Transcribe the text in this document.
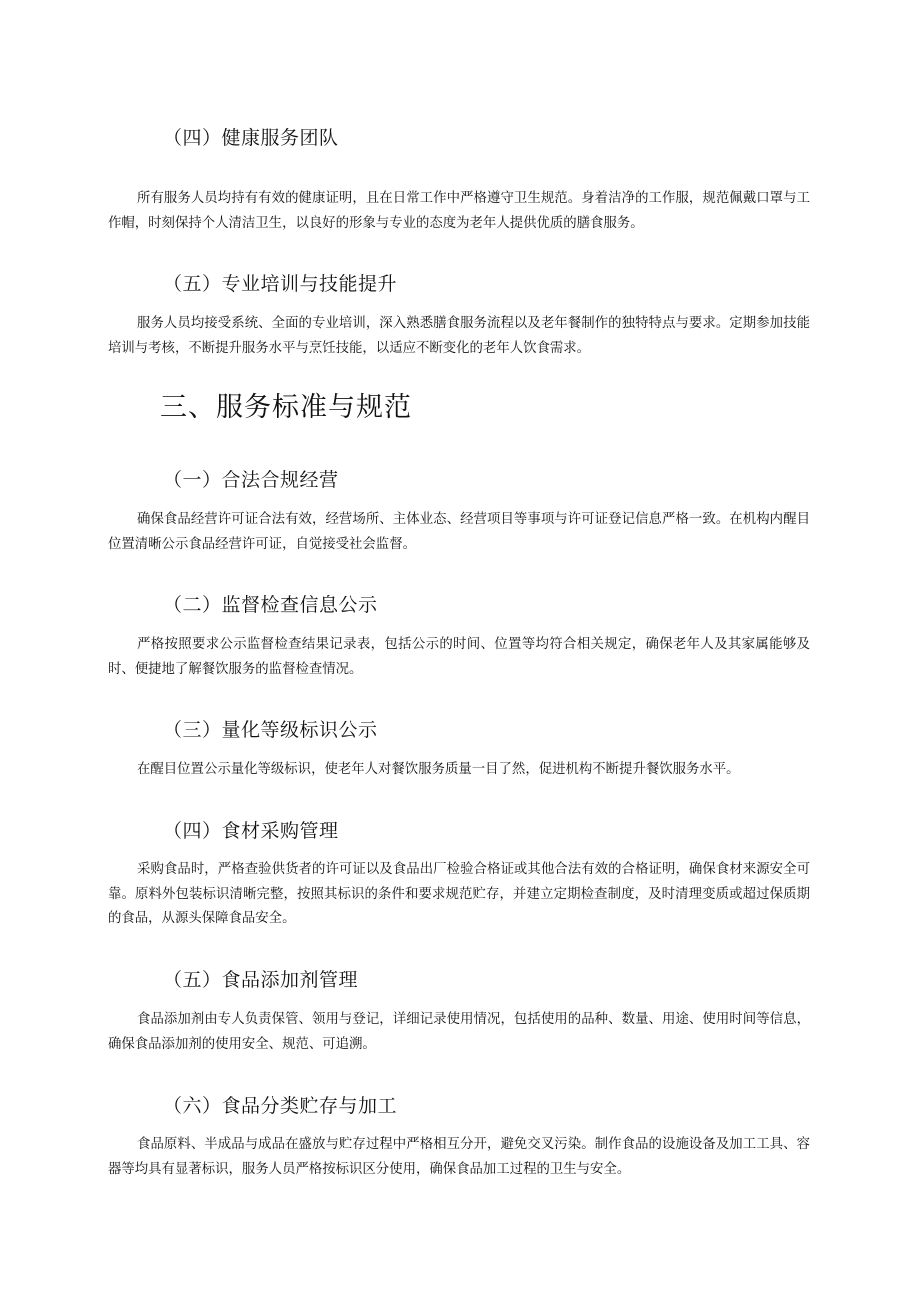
（四）健康服务团队

所有服务人员均持有有效的健康证明，且在日常工作中严格遵守卫生规范。身着洁净的工作服，规范佩戴口罩与工作帽，时刻保持个人清洁卫生，以良好的形象与专业的态度为老年人提供优质的膳食服务。

（五）专业培训与技能提升

服务人员均接受系统、全面的专业培训，深入熟悉膳食服务流程以及老年餐制作的独特特点与要求。定期参加技能培训与考核，不断提升服务水平与烹饪技能，以适应不断变化的老年人饮食需求。

三、服务标准与规范
（一）合法合规经营

确保食品经营许可证合法有效，经营场所、主体业态、经营项目等事项与许可证登记信息严格一致。在机构内醒目位置清晰公示食品经营许可证，自觉接受社会监督。

（二）监督检查信息公示

严格按照要求公示监督检查结果记录表，包括公示的时间、位置等均符合相关规定，确保老年人及其家属能够及时、便捷地了解餐饮服务的监督检查情况。

（三）量化等级标识公示

在醒目位置公示量化等级标识，使老年人对餐饮服务质量一目了然，促进机构不断提升餐饮服务水平。

（四）食材采购管理

采购食品时，严格查验供货者的许可证以及食品出厂检验合格证或其他合法有效的合格证明，确保食材来源安全可靠。原料外包装标识清晰完整，按照其标识的条件和要求规范贮存，并建立定期检查制度，及时清理变质或超过保质期的食品，从源头保障食品安全。

（五）食品添加剂管理

食品添加剂由专人负责保管、领用与登记，详细记录使用情况，包括使用的品种、数量、用途、使用时间等信息，确保食品添加剂的使用安全、规范、可追溯。

（六）食品分类贮存与加工

食品原料、半成品与成品在盛放与贮存过程中严格相互分开，避免交叉污染。制作食品的设施设备及加工工具、容器等均具有显著标识，服务人员严格按标识区分使用，确保食品加工过程的卫生与安全。
